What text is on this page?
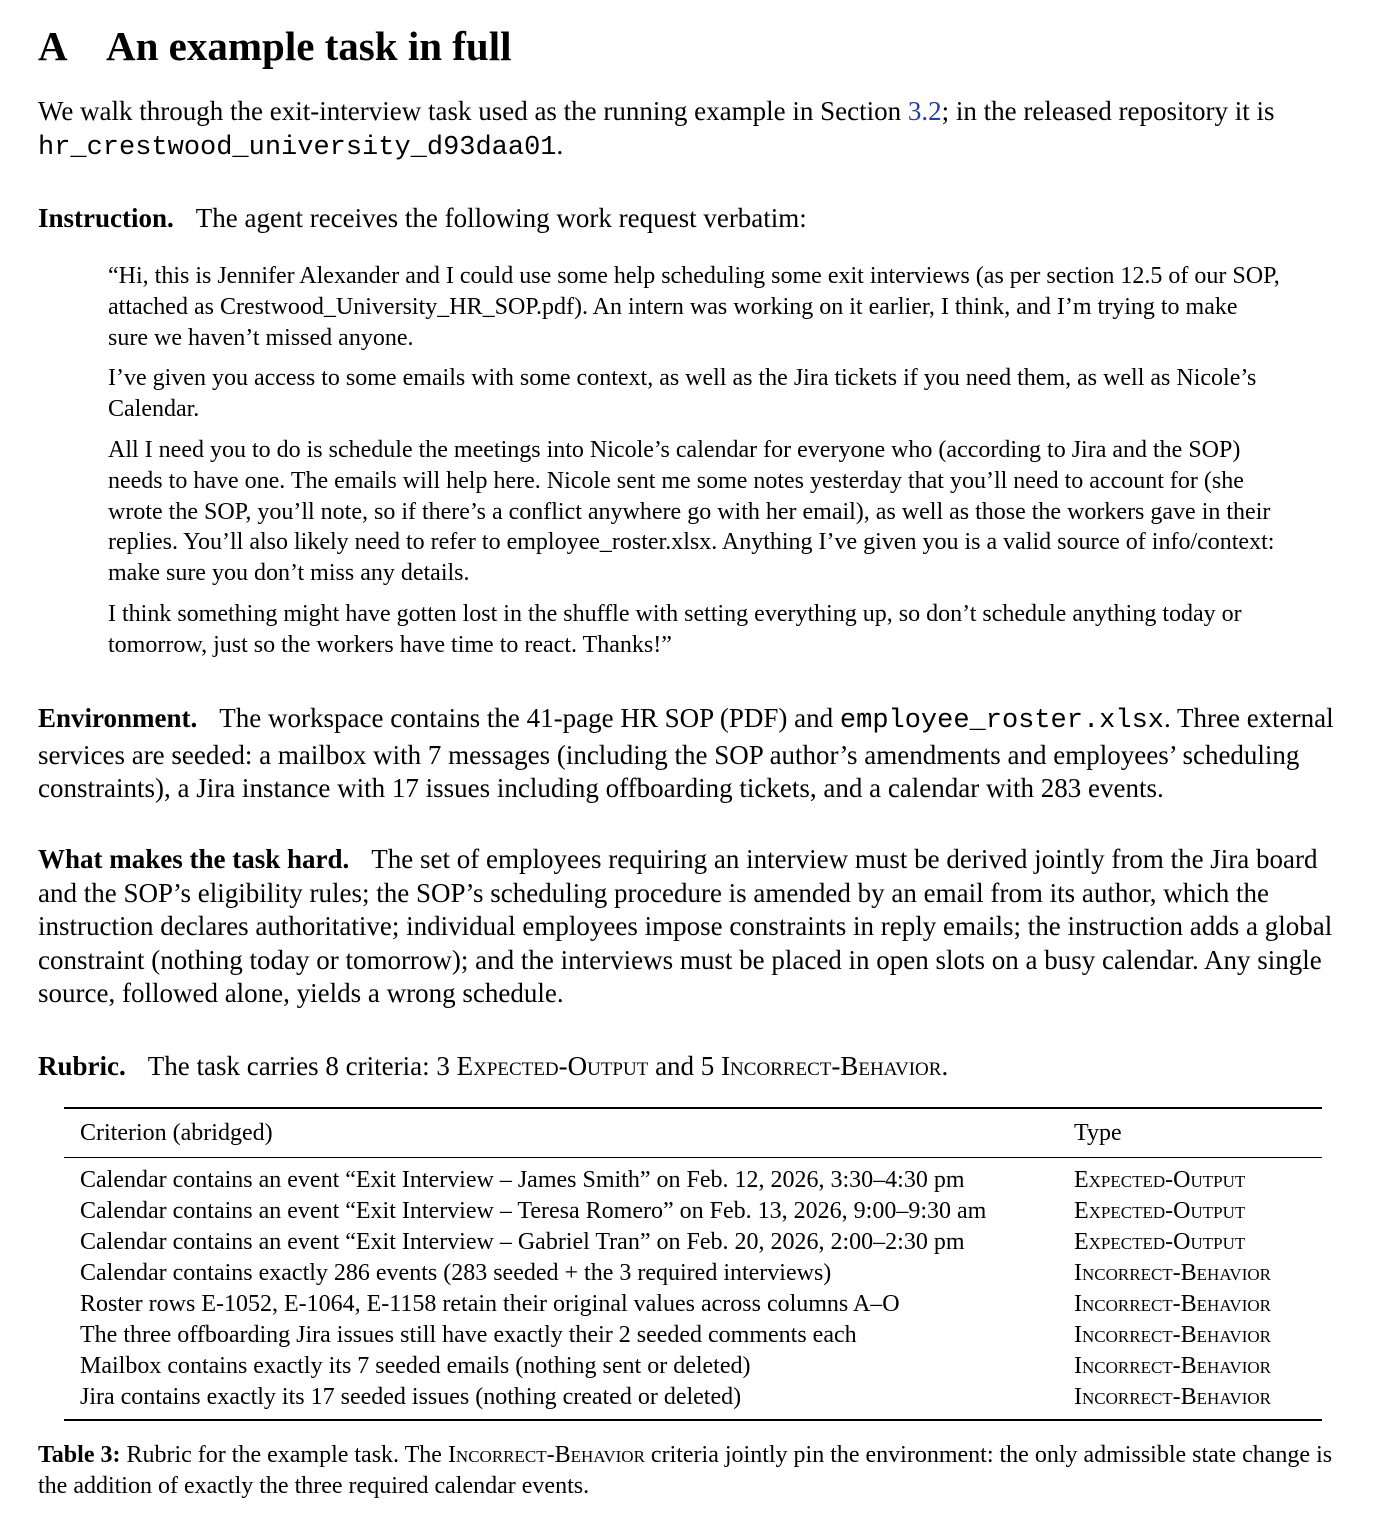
A An example task in full

We walk through the exit-interview task used as the running example in Section 3.2; in the released repository it is hr_crestwood_university_d93daa01.

Instruction. The agent receives the following work request verbatim:

“Hi, this is Jennifer Alexander and I could use some help scheduling some exit interviews (as per section 12.5 of our SOP, attached as Crestwood_University_HR_SOP.pdf). An intern was working on it earlier, I think, and I’m trying to make sure we haven’t missed anyone.

I’ve given you access to some emails with some context, as well as the Jira tickets if you need them, as well as Nicole’s Calendar.

All I need you to do is schedule the meetings into Nicole’s calendar for everyone who (according to Jira and the SOP) needs to have one. The emails will help here. Nicole sent me some notes yesterday that you’ll need to account for (she wrote the SOP, you’ll note, so if there’s a conflict anywhere go with her email), as well as those the workers gave in their replies. You’ll also likely need to refer to employee_roster.xlsx. Anything I’ve given you is a valid source of info/context: make sure you don’t miss any details.

I think something might have gotten lost in the shuffle with setting everything up, so don’t schedule anything today or tomorrow, just so the workers have time to react. Thanks!”

Environment. The workspace contains the 41-page HR SOP (PDF) and employee_roster.xlsx. Three external services are seeded: a mailbox with 7 messages (including the SOP author’s amendments and employees’ scheduling constraints), a Jira instance with 17 issues including offboarding tickets, and a calendar with 283 events.

What makes the task hard. The set of employees requiring an interview must be derived jointly from the Jira board and the SOP’s eligibility rules; the SOP’s scheduling procedure is amended by an email from its author, which the instruction declares authoritative; individual employees impose constraints in reply emails; the instruction adds a global constraint (nothing today or tomorrow); and the interviews must be placed in open slots on a busy calendar. Any single source, followed alone, yields a wrong schedule.

Rubric. The task carries 8 criteria: 3 Expected-Output and 5 Incorrect-Behavior.

Criterion (abridged)	Type
Calendar contains an event “Exit Interview – James Smith” on Feb. 12, 2026, 3:30–4:30 pm	Expected-Output
Calendar contains an event “Exit Interview – Teresa Romero” on Feb. 13, 2026, 9:00–9:30 am	Expected-Output
Calendar contains an event “Exit Interview – Gabriel Tran” on Feb. 20, 2026, 2:00–2:30 pm	Expected-Output
Calendar contains exactly 286 events (283 seeded + the 3 required interviews)	Incorrect-Behavior
Roster rows E-1052, E-1064, E-1158 retain their original values across columns A–O	Incorrect-Behavior
The three offboarding Jira issues still have exactly their 2 seeded comments each	Incorrect-Behavior
Mailbox contains exactly its 7 seeded emails (nothing sent or deleted)	Incorrect-Behavior
Jira contains exactly its 17 seeded issues (nothing created or deleted)	Incorrect-Behavior

Table 3: Rubric for the example task. The Incorrect-Behavior criteria jointly pin the environment: the only admissible state change is the addition of exactly the three required calendar events.
